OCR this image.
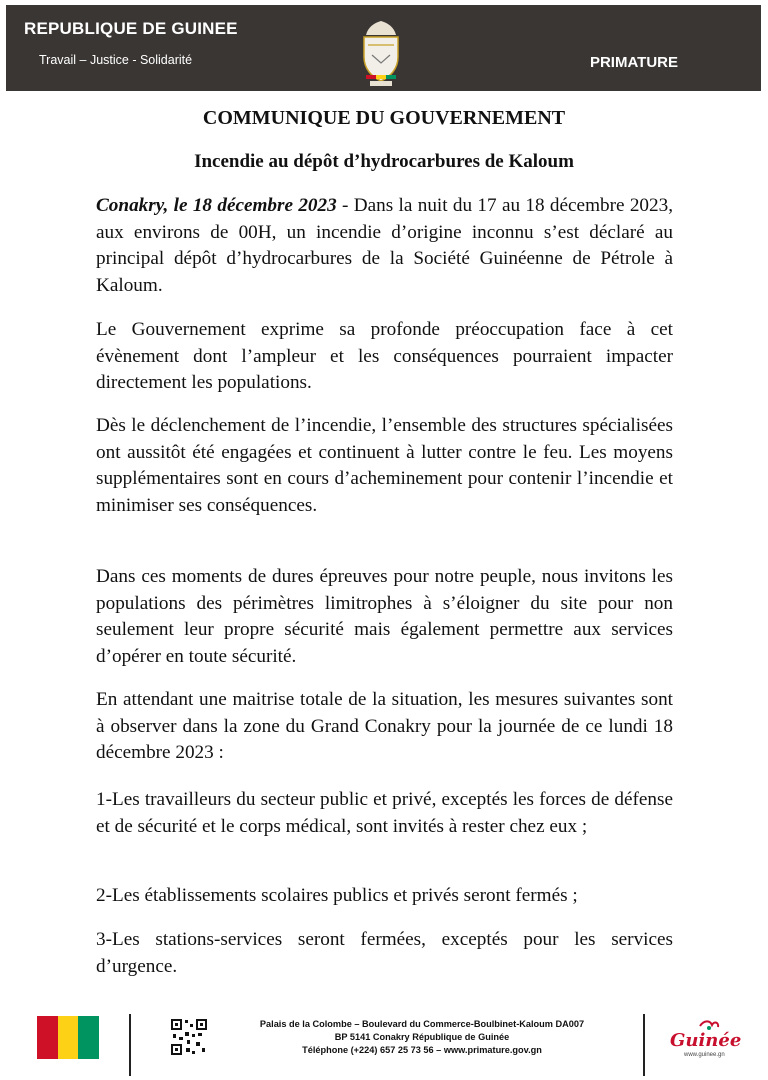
REPUBLIQUE DE GUINEE
Travail – Justice - Solidarité	PRIMATURE
COMMUNIQUE DU GOUVERNEMENT
Incendie au dépôt d’hydrocarbures de Kaloum
Conakry, le 18 décembre 2023 - Dans la nuit du 17 au 18 décembre 2023, aux environs de 00H, un incendie d’origine inconnu s’est déclaré au principal dépôt d’hydrocarbures de la Société Guinéenne de Pétrole à Kaloum.
Le Gouvernement exprime sa profonde préoccupation face à cet évènement dont l’ampleur et les conséquences pourraient impacter directement les populations.
Dès le déclenchement de l’incendie, l’ensemble des structures spécialisées ont aussitôt été engagées et continuent à lutter contre le feu. Les moyens supplémentaires sont en cours d’acheminement pour contenir l’incendie et minimiser ses conséquences.
Dans ces moments de dures épreuves pour notre peuple, nous invitons les populations des périmètres limitrophes à s’éloigner du site pour non seulement leur propre sécurité mais également permettre aux services d’opérer en toute sécurité.
En attendant une maitrise totale de la situation, les mesures suivantes sont à observer dans la zone du Grand Conakry pour la journée de ce lundi 18 décembre 2023 :
1-Les travailleurs du secteur public et privé, exceptés les forces de défense et de sécurité et le corps médical, sont invités à rester chez eux ;
2-Les établissements scolaires publics et privés seront fermés ;
3-Les stations-services seront fermées, exceptés pour les services d’urgence.
Palais de la Colombe – Boulevard du Commerce-Boulbinet-Kaloum DA007
BP 5141 Conakry République de Guinée
Téléphone (+224) 657 25 73 56 – www.primature.gov.gn	Guinée
www.guinee.gn
